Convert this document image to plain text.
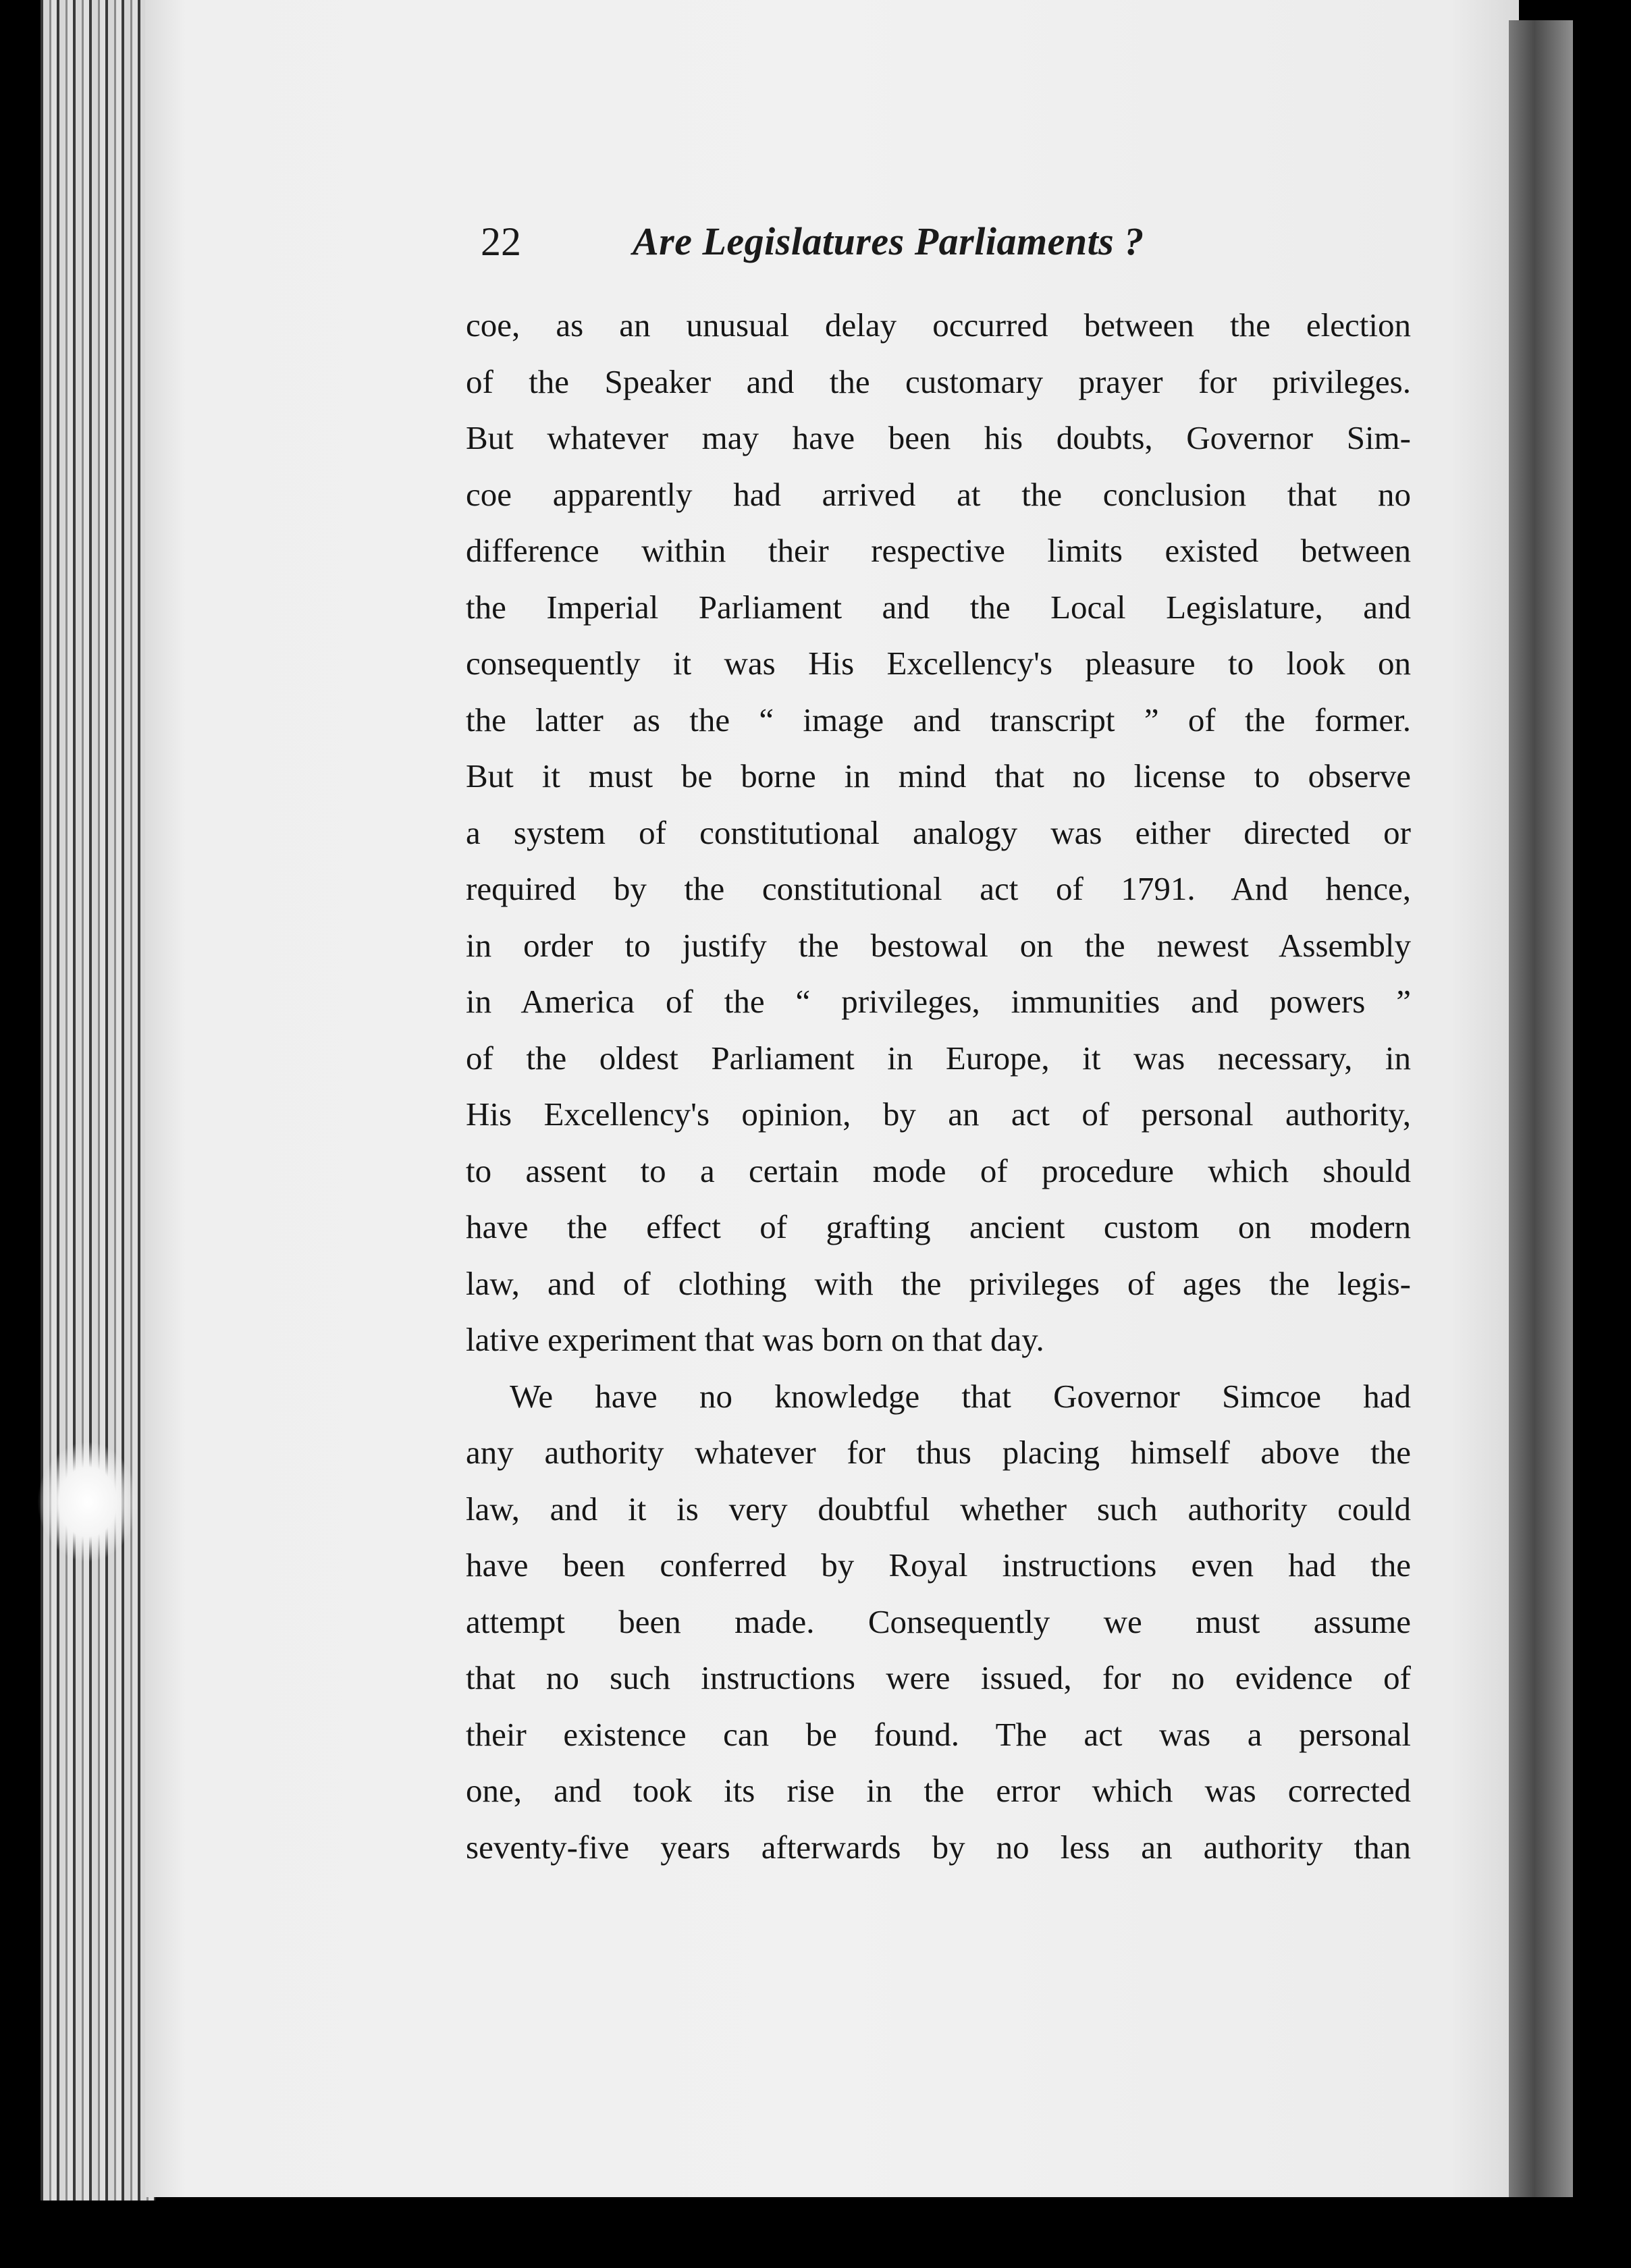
22	Are Legislatures Parliaments ?
coe, as an unusual delay occurred between the election
of the Speaker and the customary prayer for privileges.
But whatever may have been his doubts, Governor Sim-
coe apparently had arrived at the conclusion that no
difference within their respective limits existed between
the Imperial Parliament and the Local Legislature, and
consequently it was His Excellency's pleasure to look on
the latter as the “ image and transcript ” of the former.
But it must be borne in mind that no license to observe
a system of constitutional analogy was either directed or
required by the constitutional act of 1791. And hence,
in order to justify the bestowal on the newest Assembly
in America of the “ privileges, immunities and powers ”
of the oldest Parliament in Europe, it was necessary, in
His Excellency's opinion, by an act of personal authority,
to assent to a certain mode of procedure which should
have the effect of grafting ancient custom on modern
law, and of clothing with the privileges of ages the legis-
lative experiment that was born on that day.
We have no knowledge that Governor Simcoe had
any authority whatever for thus placing himself above the
law, and it is very doubtful whether such authority could
have been conferred by Royal instructions even had the
attempt been made. Consequently we must assume
that no such instructions were issued, for no evidence of
their existence can be found. The act was a personal
one, and took its rise in the error which was corrected
seventy-five years afterwards by no less an authority than
